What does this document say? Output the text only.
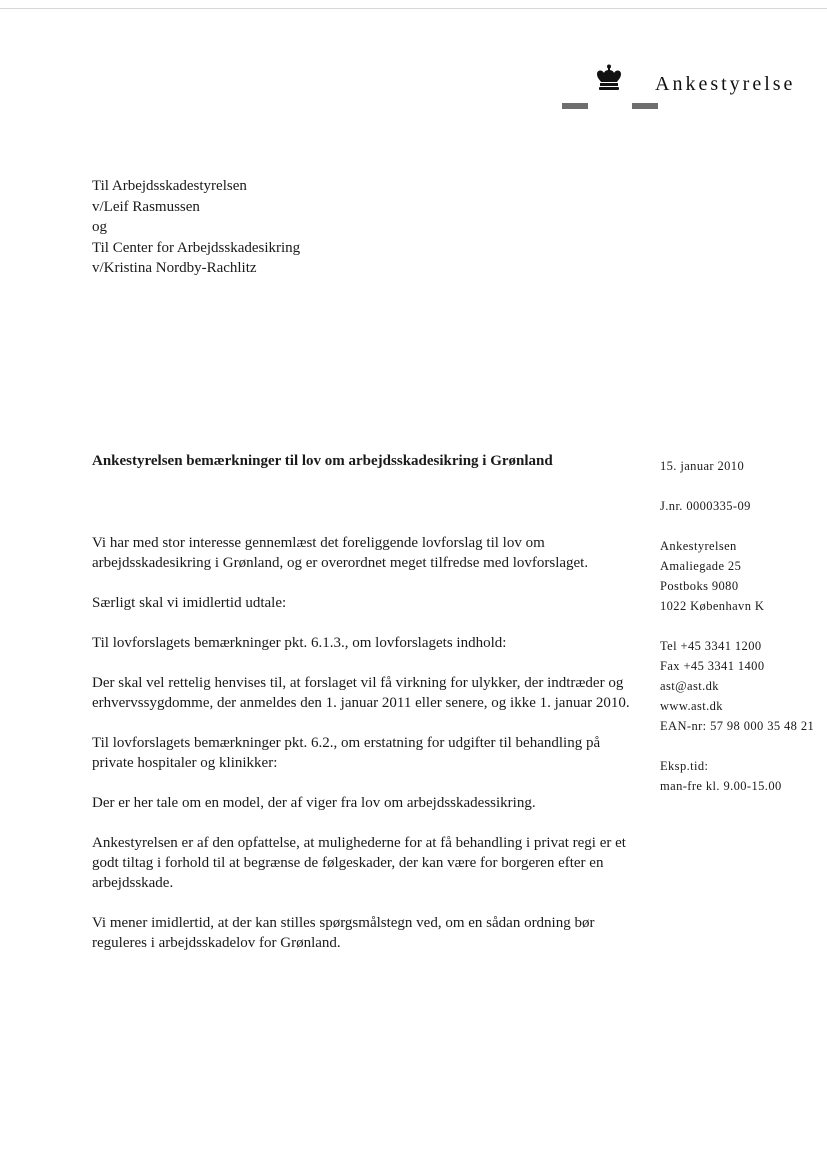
Ankestyrelse
Til Arbejdsskadestyrelsen
v/Leif Rasmussen
og
Til Center for Arbejdsskadesikring
v/Kristina Nordby-Rachlitz
Ankestyrelsen bemærkninger til lov om arbejdsskadesikring i Grønland

Vi har med stor interesse gennemlæst det foreliggende lovforslag til lov om arbejdsskadesikring i Grønland, og er overordnet meget tilfredse med lovforslaget.

Særligt skal vi imidlertid udtale:

Til lovforslagets bemærkninger pkt. 6.1.3., om lovforslagets indhold:

Der skal vel rettelig henvises til, at forslaget vil få virkning for ulykker, der indtræder og erhvervssygdomme, der anmeldes den 1. januar 2011 eller senere, og ikke 1. januar 2010.

Til lovforslagets bemærkninger pkt. 6.2., om erstatning for udgifter til behandling på private hospitaler og klinikker:

Der er her tale om en model, der af viger fra lov om arbejdsskadessikring.

Ankestyrelsen er af den opfattelse, at mulighederne for at få behandling i privat regi er et godt tiltag i forhold til at begrænse de følgeskader, der kan være for borgeren efter en arbejdsskade.

Vi mener imidlertid, at der kan stilles spørgsmålstegn ved, om en sådan ordning bør reguleres i arbejdsskadelov for Grønland.

15. januar 2010
J.nr. 0000335-09
Ankestyrelsen
Amaliegade 25
Postboks 9080
1022 København K
Tel +45 3341 1200
Fax +45 3341 1400
ast@ast.dk
www.ast.dk
EAN-nr: 57 98 000 35 48 21
Eksp.tid:
man-fre kl. 9.00-15.00
